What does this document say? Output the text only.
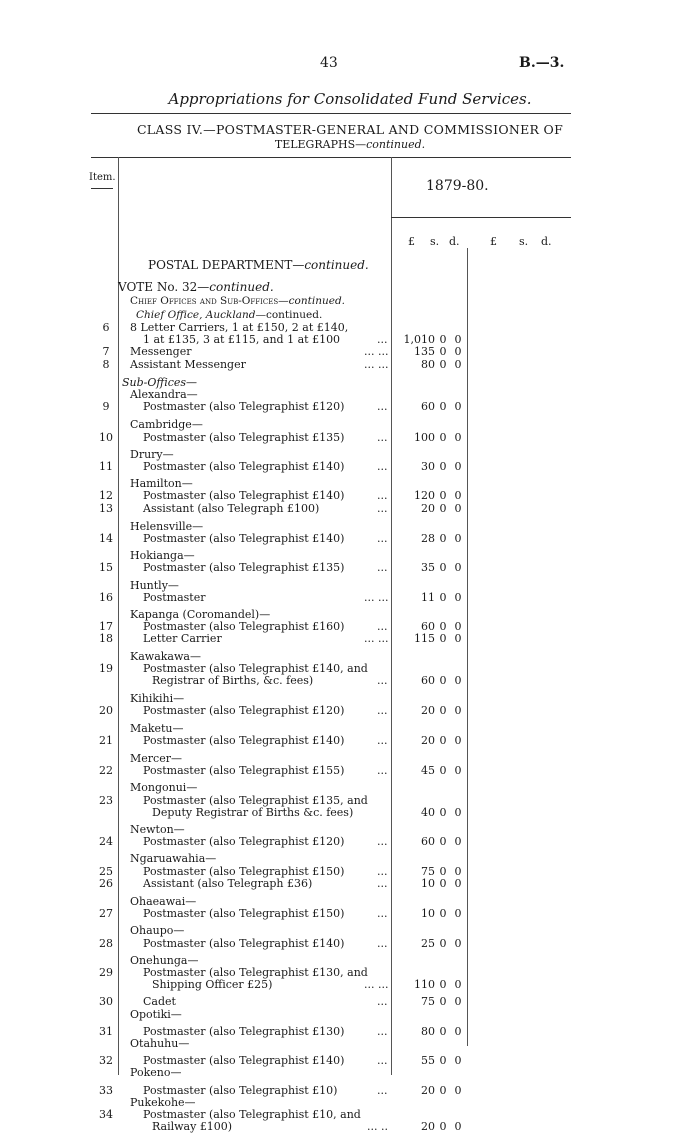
43	B.—3.
Appropriations for Consolidated Fund Services.
CLASS IV.—POSTMASTER-GENERAL AND COMMISSIONER OF
TELEGRAPHS—continued.
Item.
1879-80.
£ s. d.	£ s. d.
POSTAL DEPARTMENT—continued.
VOTE No. 32—continued.
Chief Offices and Sub-Offices—continued.
Chief Office, Auckland—continued.
6	8 Letter Carriers, 1 at £150, 2 at £140,
1 at £135, 3 at £115, and 1 at £100	...	1,010 0 0
7	Messenger	... ...	135 0 0
8	Assistant Messenger	... ...	80 0 0
Sub-Offices—
Alexandra—
9	Postmaster (also Telegraphist £120)	...	60 0 0
Cambridge—
10	Postmaster (also Telegraphist £135)	...	100 0 0
Drury—
11	Postmaster (also Telegraphist £140)	...	30 0 0
Hamilton—
12	Postmaster (also Telegraphist £140)	...	120 0 0
13	Assistant (also Telegraph £100)	...	20 0 0
Helensville—
14	Postmaster (also Telegraphist £140)	...	28 0 0
Hokianga—
15	Postmaster (also Telegraphist £135)	...	35 0 0
Huntly—
16	Postmaster	... ...	11 0 0
Kapanga (Coromandel)—
17	Postmaster (also Telegraphist £160)	...	60 0 0
18	Letter Carrier	... ...	115 0 0
Kawakawa—
19	Postmaster (also Telegraphist £140, and
Registrar of Births, &c. fees)	...	60 0 0
Kihikihi—
20	Postmaster (also Telegraphist £120)	...	20 0 0
Maketu—
21	Postmaster (also Telegraphist £140)	...	20 0 0
Mercer—
22	Postmaster (also Telegraphist £155)	...	45 0 0
Mongonui—
23	Postmaster (also Telegraphist £135, and
Deputy Registrar of Births &c. fees)	40 0 0
Newton—
24	Postmaster (also Telegraphist £120)	...	60 0 0
Ngaruawahia—
25	Postmaster (also Telegraphist £150)	...	75 0 0
26	Assistant (also Telegraph £36)	...	10 0 0
Ohaeawai—
27	Postmaster (also Telegraphist £150)	...	10 0 0
Ohaupo—
28	Postmaster (also Telegraphist £140)	...	25 0 0
Onehunga—
29	Postmaster (also Telegraphist £130, and
Shipping Officer £25)	... ...	110 0 0
30	Cadet	...	75 0 0
Opotiki—
31	Postmaster (also Telegraphist £130)	...	80 0 0
Otahuhu—
32	Postmaster (also Telegraphist £140)	...	55 0 0
Pokeno—
33	Postmaster (also Telegraphist £10)	...	20 0 0
Pukekohe—
34	Postmaster (also Telegraphist £10, and
Railway £100)	... ..	20 0 0
